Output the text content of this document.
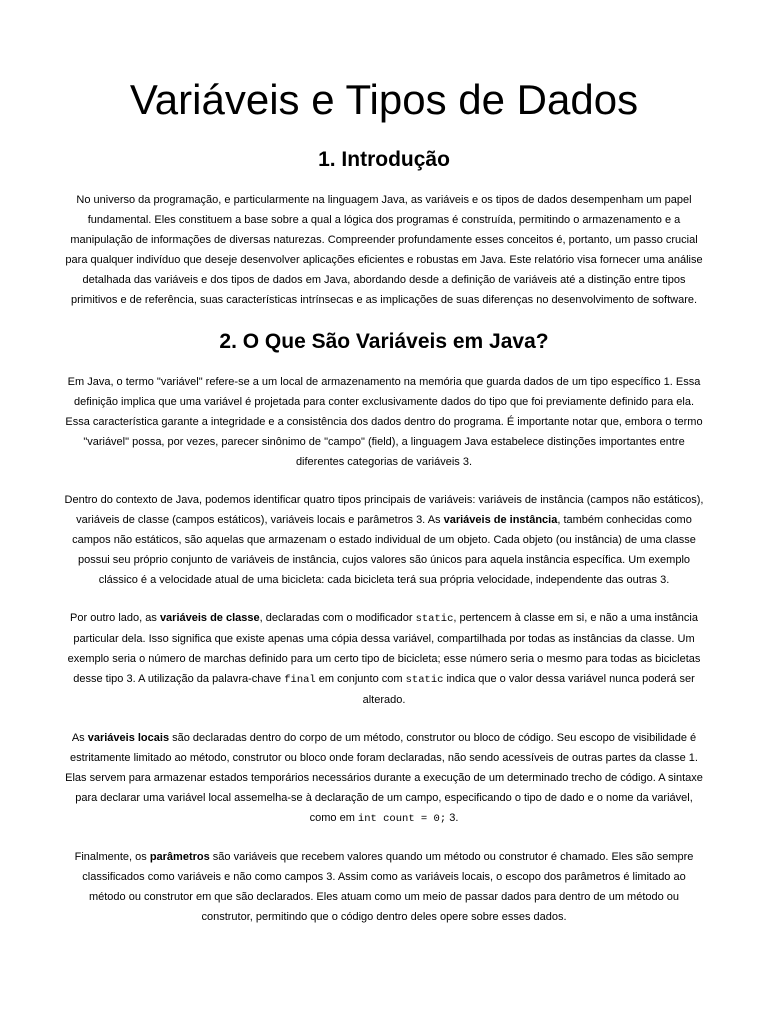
Variáveis e Tipos de Dados
1. Introdução

No universo da programação, e particularmente na linguagem Java, as variáveis e os tipos de dados desempenham um papel fundamental. Eles constituem a base sobre a qual a lógica dos programas é construída, permitindo o armazenamento e a manipulação de informações de diversas naturezas. Compreender profundamente esses conceitos é, portanto, um passo crucial para qualquer indivíduo que deseje desenvolver aplicações eficientes e robustas em Java. Este relatório visa fornecer uma análise detalhada das variáveis e dos tipos de dados em Java, abordando desde a definição de variáveis até a distinção entre tipos primitivos e de referência, suas características intrínsecas e as implicações de suas diferenças no desenvolvimento de software.

2. O Que São Variáveis em Java?

Em Java, o termo "variável" refere-se a um local de armazenamento na memória que guarda dados de um tipo específico 1. Essa definição implica que uma variável é projetada para conter exclusivamente dados do tipo que foi previamente definido para ela. Essa característica garante a integridade e a consistência dos dados dentro do programa. É importante notar que, embora o termo "variável" possa, por vezes, parecer sinônimo de "campo" (field), a linguagem Java estabelece distinções importantes entre diferentes categorias de variáveis 3.

Dentro do contexto de Java, podemos identificar quatro tipos principais de variáveis: variáveis de instância (campos não estáticos), variáveis de classe (campos estáticos), variáveis locais e parâmetros 3. As variáveis de instância, também conhecidas como campos não estáticos, são aquelas que armazenam o estado individual de um objeto. Cada objeto (ou instância) de uma classe possui seu próprio conjunto de variáveis de instância, cujos valores são únicos para aquela instância específica. Um exemplo clássico é a velocidade atual de uma bicicleta: cada bicicleta terá sua própria velocidade, independente das outras 3.

Por outro lado, as variáveis de classe, declaradas com o modificador static, pertencem à classe em si, e não a uma instância particular dela. Isso significa que existe apenas uma cópia dessa variável, compartilhada por todas as instâncias da classe. Um exemplo seria o número de marchas definido para um certo tipo de bicicleta; esse número seria o mesmo para todas as bicicletas desse tipo 3. A utilização da palavra-chave final em conjunto com static indica que o valor dessa variável nunca poderá ser alterado.

As variáveis locais são declaradas dentro do corpo de um método, construtor ou bloco de código. Seu escopo de visibilidade é estritamente limitado ao método, construtor ou bloco onde foram declaradas, não sendo acessíveis de outras partes da classe 1. Elas servem para armazenar estados temporários necessários durante a execução de um determinado trecho de código. A sintaxe para declarar uma variável local assemelha-se à declaração de um campo, especificando o tipo de dado e o nome da variável, como em int count = 0; 3.

Finalmente, os parâmetros são variáveis que recebem valores quando um método ou construtor é chamado. Eles são sempre classificados como variáveis e não como campos 3. Assim como as variáveis locais, o escopo dos parâmetros é limitado ao método ou construtor em que são declarados. Eles atuam como um meio de passar dados para dentro de um método ou construtor, permitindo que o código dentro deles opere sobre esses dados.
